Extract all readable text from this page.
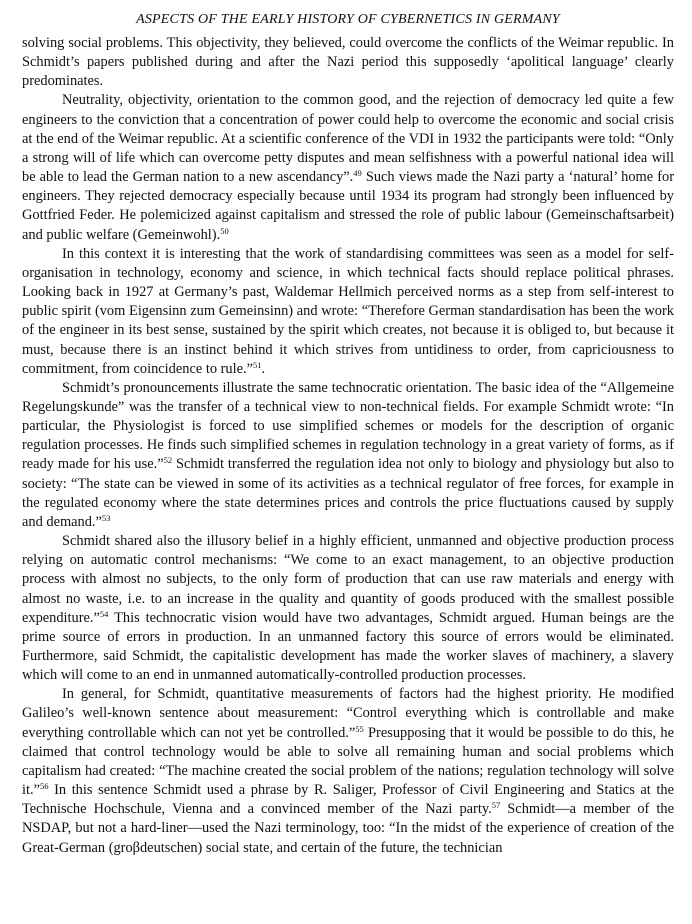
ASPECTS OF THE EARLY HISTORY OF CYBERNETICS IN GERMANY

solving social problems. This objectivity, they believed, could overcome the conflicts of the Weimar republic. In Schmidt’s papers published during and after the Nazi period this supposedly ‘apolitical language’ clearly predominates.

Neutrality, objectivity, orientation to the common good, and the rejection of democracy led quite a few engineers to the conviction that a concentration of power could help to overcome the economic and social crisis at the end of the Weimar republic. At a scientific conference of the VDI in 1932 the participants were told: “Only a strong will of life which can overcome petty disputes and mean selfishness with a powerful national idea will be able to lead the German nation to a new ascendancy”.$^{49}$ Such views made the Nazi party a ‘natural’ home for engineers. They rejected democracy especially because until 1934 its program had strongly been influenced by Gottfried Feder. He polemicized against capitalism and stressed the role of public labour (Gemeinschaftsarbeit) and public welfare (Gemeinwohl).$^{50}$

In this context it is interesting that the work of standardising committees was seen as a model for self-organisation in technology, economy and science, in which technical facts should replace political phrases. Looking back in 1927 at Germany’s past, Waldemar Hellmich perceived norms as a step from self-interest to public spirit (vom Eigensinn zum Gemeinsinn) and wrote: “Therefore German standardisation has been the work of the engineer in its best sense, sustained by the spirit which creates, not because it is obliged to, but because it must, because there is an instinct behind it which strives from untidiness to order, from capriciousness to commitment, from coincidence to rule.”$^{51}$.

Schmidt’s pronouncements illustrate the same technocratic orientation. The basic idea of the “Allgemeine Regelungskunde” was the transfer of a technical view to non-technical fields. For example Schmidt wrote: “In particular, the Physiologist is forced to use simplified schemes or models for the description of organic regulation processes. He finds such simplified schemes in regulation technology in a great variety of forms, as if ready made for his use.”$^{52}$ Schmidt transferred the regulation idea not only to biology and physiology but also to society: “The state can be viewed in some of its activities as a technical regulator of free forces, for example in the regulated economy where the state determines prices and controls the price fluctuations caused by supply and demand.”$^{53}$

Schmidt shared also the illusory belief in a highly efficient, unmanned and objective production process relying on automatic control mechanisms: “We come to an exact management, to an objective production process with almost no subjects, to the only form of production that can use raw materials and energy with almost no waste, i.e. to an increase in the quality and quantity of goods produced with the smallest possible expenditure.”$^{54}$ This technocratic vision would have two advantages, Schmidt argued. Human beings are the prime source of errors in production. In an unmanned factory this source of errors would be eliminated. Furthermore, said Schmidt, the capitalistic development has made the worker slaves of machinery, a slavery which will come to an end in unmanned automatically-controlled production processes.

In general, for Schmidt, quantitative measurements of factors had the highest priority. He modified Galileo’s well-known sentence about measurement: “Control everything which is controllable and make everything controllable which can not yet be controlled.”$^{55}$ Presupposing that it would be possible to do this, he claimed that control technology would be able to solve all remaining human and social problems which capitalism had created: “The machine created the social problem of the nations; regulation technology will solve it.”$^{56}$ In this sentence Schmidt used a phrase by R. Saliger, Professor of Civil Engineering and Statics at the Technische Hochschule, Vienna and a convinced member of the Nazi party.$^{57}$ Schmidt—a member of the NSDAP, but not a hard-liner—used the Nazi terminology, too: “In the midst of the experience of creation of the Great-German (groβdeutschen) social state, and certain of the future, the technician
